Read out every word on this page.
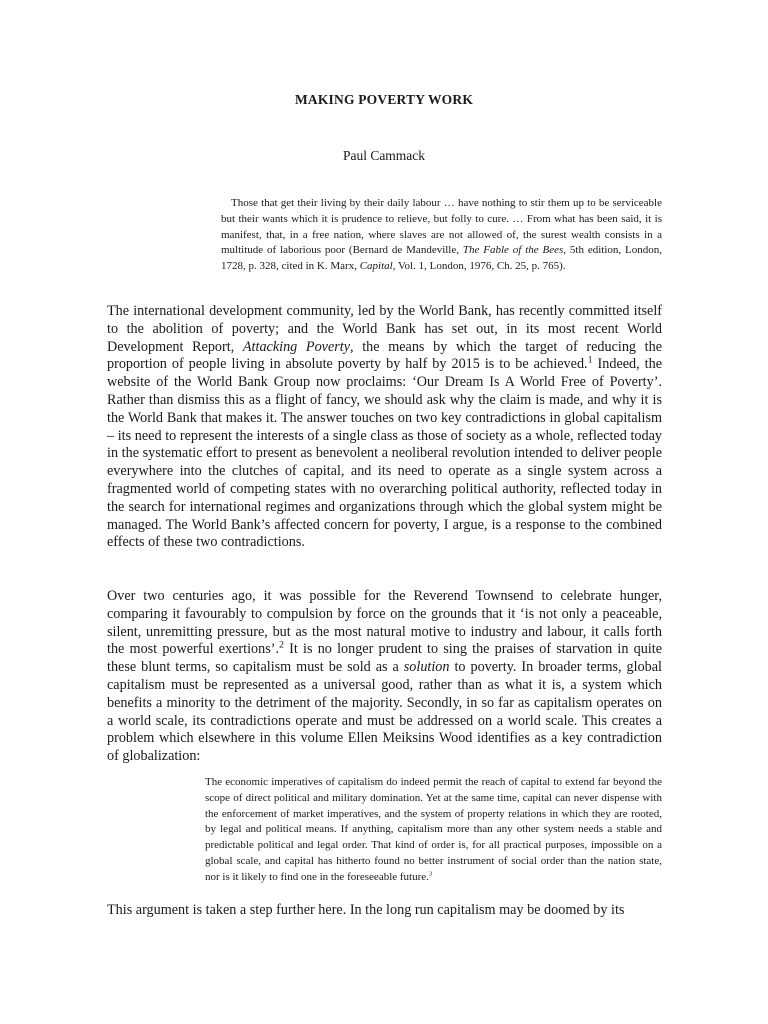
MAKING POVERTY WORK
Paul Cammack

Those that get their living by their daily labour … have nothing to stir them up to be serviceable but their wants which it is prudence to relieve, but folly to cure. … From what has been said, it is manifest, that, in a free nation, where slaves are not allowed of, the surest wealth consists in a multitude of laborious poor (Bernard de Mandeville, The Fable of the Bees, 5th edition, London, 1728, p. 328, cited in K. Marx, Capital, Vol. 1, London, 1976, Ch. 25, p. 765).

The international development community, led by the World Bank, has recently committed itself to the abolition of poverty; and the World Bank has set out, in its most recent World Development Report, Attacking Poverty, the means by which the target of reducing the proportion of people living in absolute poverty by half by 2015 is to be achieved.$^1$ Indeed, the website of the World Bank Group now proclaims: ‘Our Dream Is A World Free of Poverty’. Rather than dismiss this as a flight of fancy, we should ask why the claim is made, and why it is the World Bank that makes it. The answer touches on two key contradictions in global capitalism – its need to represent the interests of a single class as those of society as a whole, reflected today in the systematic effort to present as benevolent a neoliberal revolution intended to deliver people everywhere into the clutches of capital, and its need to operate as a single system across a fragmented world of competing states with no overarching political authority, reflected today in the search for international regimes and organizations through which the global system might be managed. The World Bank’s affected concern for poverty, I argue, is a response to the combined effects of these two contradictions.

Over two centuries ago, it was possible for the Reverend Townsend to celebrate hunger, comparing it favourably to compulsion by force on the grounds that it ‘is not only a peaceable, silent, unremitting pressure, but as the most natural motive to industry and labour, it calls forth the most powerful exertions’.$^2$ It is no longer prudent to sing the praises of starvation in quite these blunt terms, so capitalism must be sold as a solution to poverty. In broader terms, global capitalism must be represented as a universal good, rather than as what it is, a system which benefits a minority to the detriment of the majority. Secondly, in so far as capitalism operates on a world scale, its contradictions operate and must be addressed on a world scale. This creates a problem which elsewhere in this volume Ellen Meiksins Wood identifies as a key contradiction of globalization:

The economic imperatives of capitalism do indeed permit the reach of capital to extend far beyond the scope of direct political and military domination. Yet at the same time, capital can never dispense with the enforcement of market imperatives, and the system of property relations in which they are rooted, by legal and political means. If anything, capitalism more than any other system needs a stable and predictable political and legal order. That kind of order is, for all practical purposes, impossible on a global scale, and capital has hitherto found no better instrument of social order than the nation state, nor is it likely to find one in the foreseeable future.$^3$

This argument is taken a step further here. In the long run capitalism may be doomed by its
